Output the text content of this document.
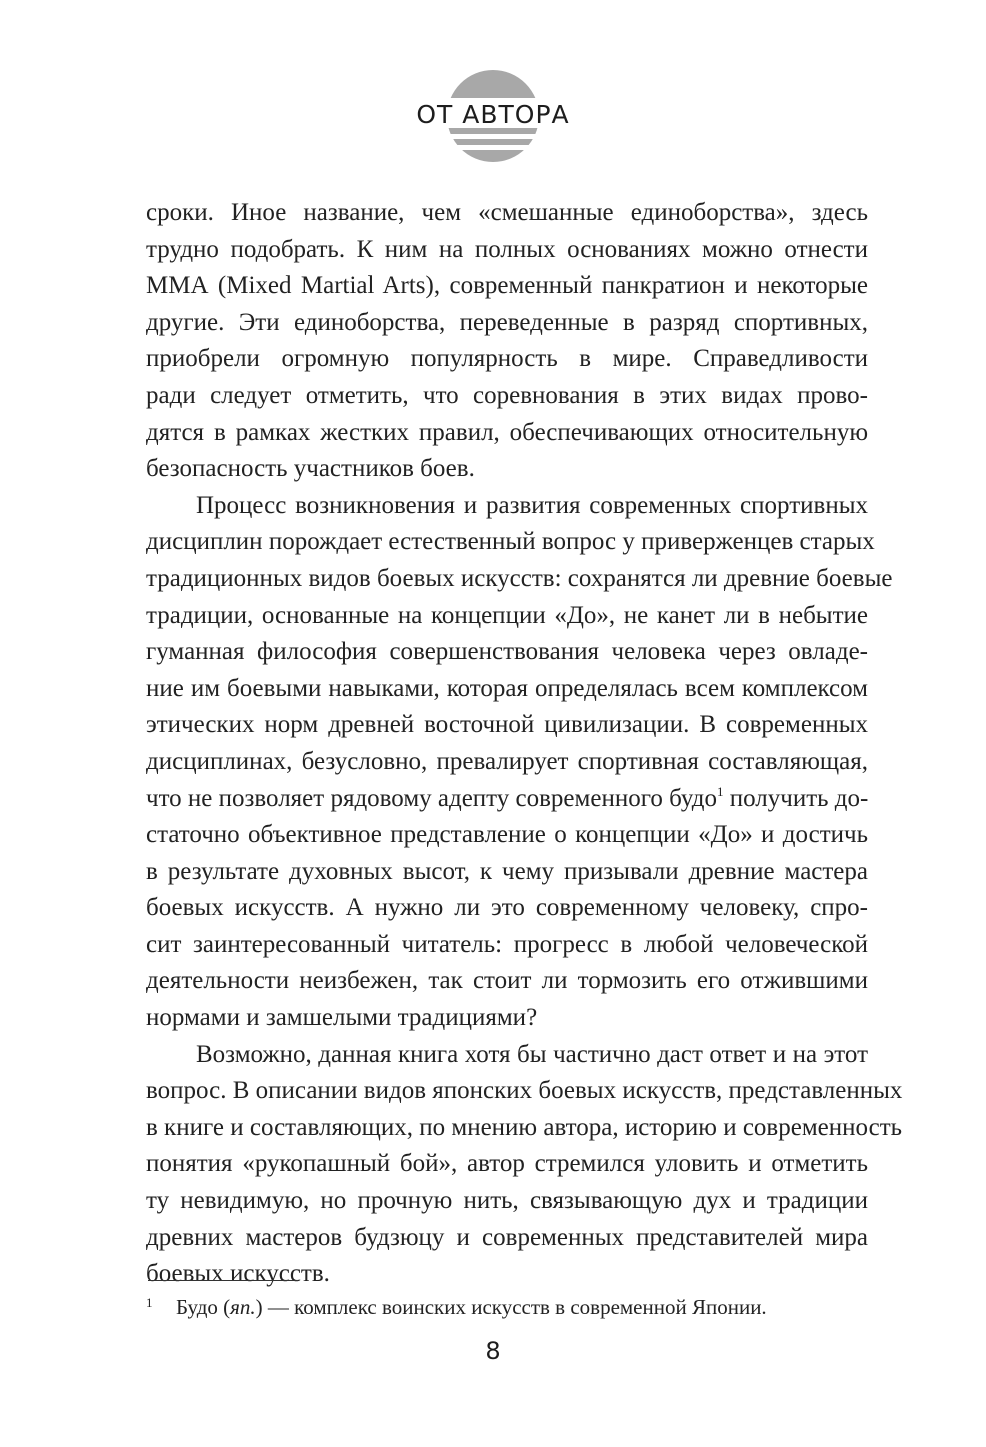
ОТ АВТОРА
сроки. Иное название, чем «смешанные единоборства», здесь
трудно подобрать. К ним на полных основаниях можно отнести
ММА (Mixed Martial Arts), современный панкратион и некоторые
другие. Эти единоборства, переведенные в разряд спортивных,
приобрели огромную популярность в мире. Справедливости
ради следует отметить, что соревнования в этих видах прово-
дятся в рамках жестких правил, обеспечивающих относительную
безопасность участников боев.
Процесс возникновения и развития современных спортивных
дисциплин порождает естественный вопрос у приверженцев старых
традиционных видов боевых искусств: сохранятся ли древние боевые
традиции, основанные на концепции «До», не канет ли в небытие
гуманная философия совершенствования человека через овладе-
ние им боевыми навыками, которая определялась всем комплексом
этических норм древней восточной цивилизации. В современных
дисциплинах, безусловно, превалирует спортивная составляющая,
что не позволяет рядовому адепту современного будо$^1$ получить до-
статочно объективное представление о концепции «До» и достичь
в результате духовных высот, к чему призывали древние мастера
боевых искусств. А нужно ли это современному человеку, спро-
сит заинтересованный читатель: прогресс в любой человеческой
деятельности неизбежен, так стоит ли тормозить его отжившими
нормами и замшелыми традициями?
Возможно, данная книга хотя бы частично даст ответ и на этот
вопрос. В описании видов японских боевых искусств, представленных
в книге и составляющих, по мнению автора, историю и современность
понятия «рукопашный бой», автор стремился уловить и отметить
ту невидимую, но прочную нить, связывающую дух и традиции
древних мастеров будзюцу и современных представителей мира
боевых искусств.
1 Будо (яп.) — комплекс воинских искусств в современной Японии.
8
